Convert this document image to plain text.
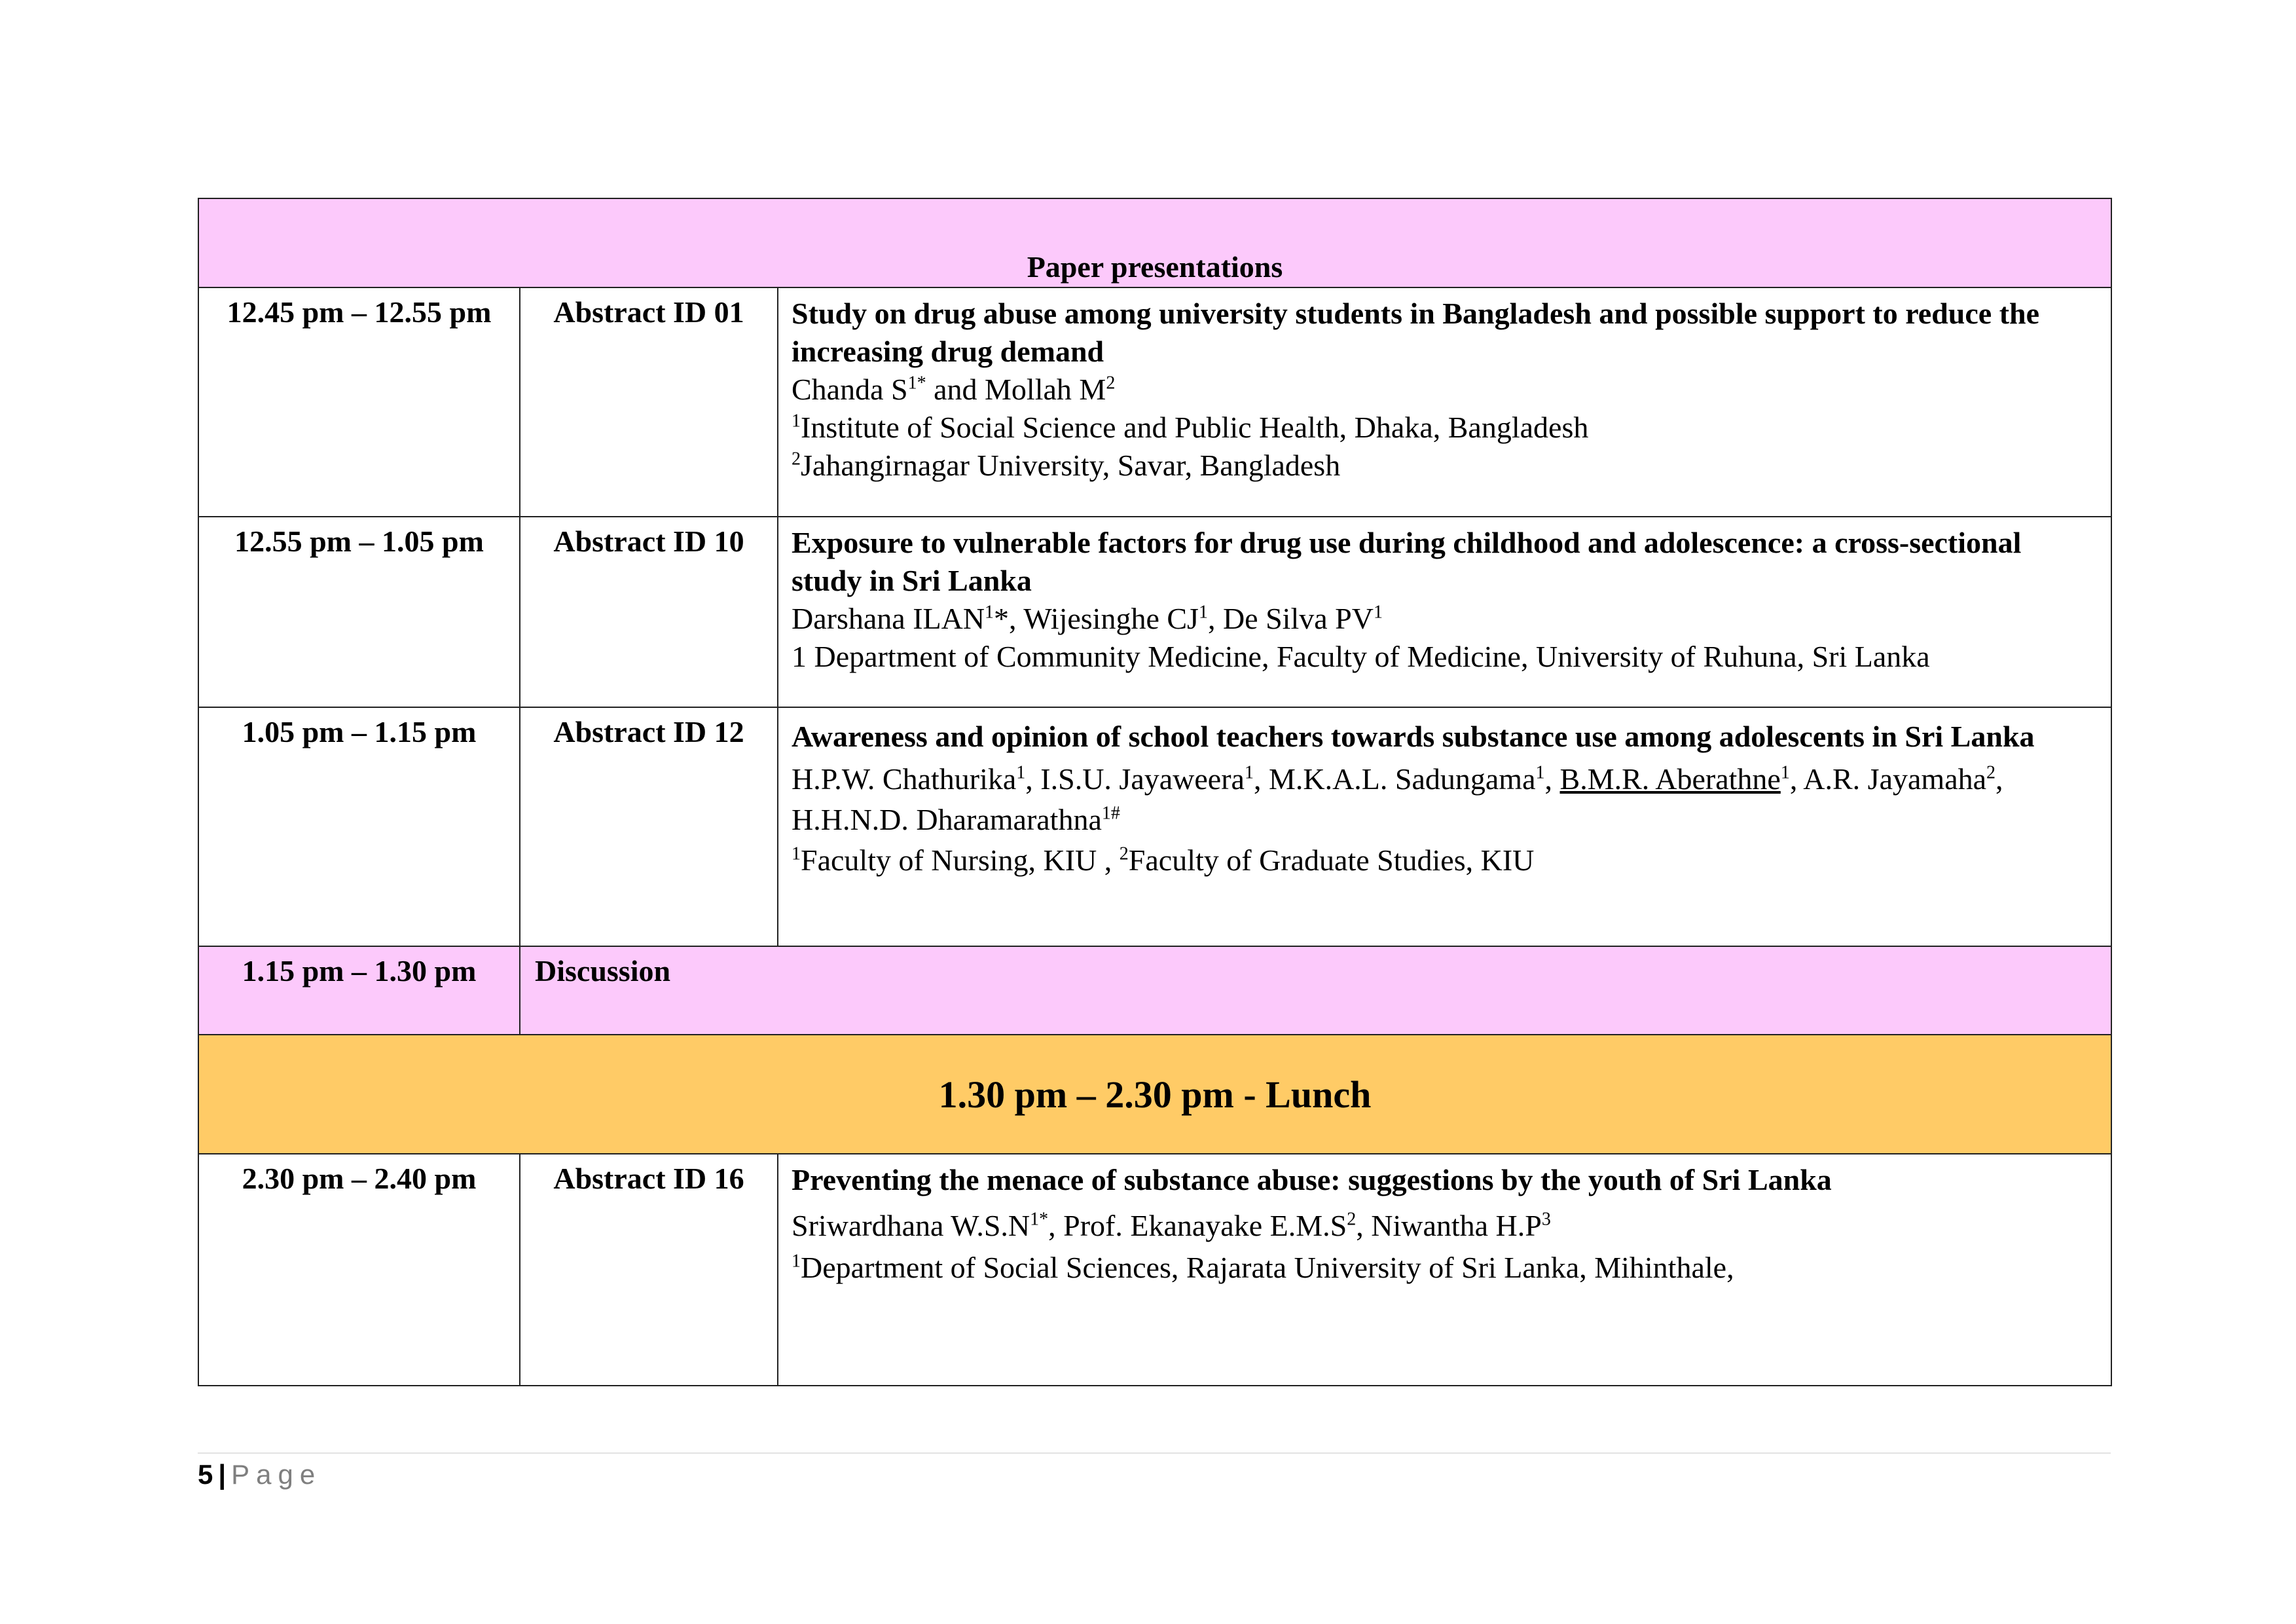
Paper presentations		
12.45 pm – 12.55 pm	Abstract ID 01	Study on drug abuse among university students in Bangladesh and possible support to reduce the increasing drug demand
Chanda $S^{1*}$ and Mollah $M^2$
$^1$Institute of Social Science and Public Health, Dhaka, Bangladesh
$^2$Jahangirnagar University, Savar, Bangladesh

12.55 pm – 1.05 pm	Abstract ID 10	Exposure to vulnerable factors for drug use during childhood and adolescence: a cross-sectional study in Sri Lanka
Darshana ILAN$^1$*, Wijesinghe $CJ^1$, De Silva $PV^1$
1 Department of Community Medicine, Faculty of Medicine, University of Ruhuna, Sri Lanka

1.05 pm – 1.15 pm	Abstract ID 12	Awareness and opinion of school teachers towards substance use among adolescents in Sri Lanka
H.P.W. Chathurika$^1$, I.S.U. Jayaweera$^1$, M.K.A.L. Sadungama$^1$, B.M.R. Aberathne$^1$, A.R. Jayamaha$^2$, H.H.N.D. Dharamarathna$^{1\#}$
$^1$Faculty of Nursing, KIU , $^2$Faculty of Graduate Studies, KIU

1.15 pm – 1.30 pm	Discussion	
1.30 pm – 2.30 pm - Lunch		
2.30 pm – 2.40 pm	Abstract ID 16	Preventing the menace of substance abuse: suggestions by the youth of Sri Lanka
Sriwardhana $W.S.N^{1*}$, Prof. Ekanayake $E.M.S^2$, Niwantha $H.P^3$
$^1$Department of Social Sciences, Rajarata University of Sri Lanka, Mihinthale,
5 | Page
